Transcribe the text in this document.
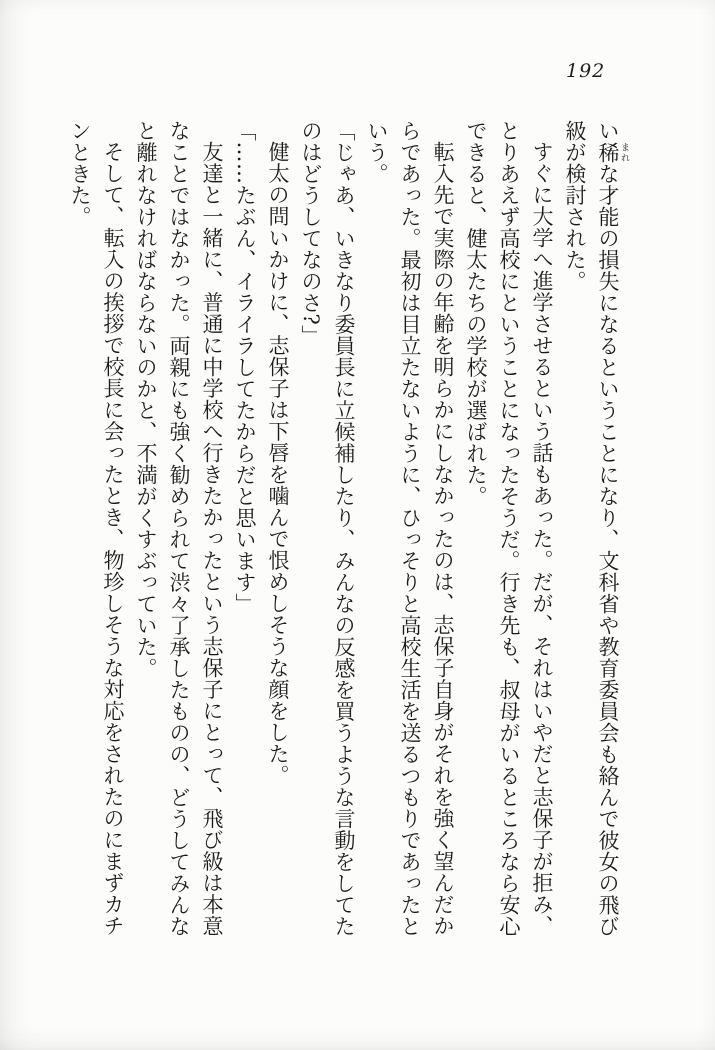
192

い稀 まれな才能の損失になるということになり、文科省や教育委員会も絡んで彼女の飛び級が検討された。

すぐに大学へ進学させるという話もあった。だが、それはいやだと志保子が拒み、とりあえず高校にということになったそうだ。行き先も、叔母がいるところなら安心できると、健太たちの学校が選ばれた。

転入先で実際の年齢を明らかにしなかったのは、志保子自身がそれを強く望んだからであった。最初は目立たないように、ひっそりと高校生活を送るつもりであったという。

「じゃあ、いきなり委員長に立候補したり、みんなの反感を買うような言動をしてたのはどうしてなのさ?」

健太の問いかけに、志保子は下唇を噛んで恨めしそうな顔をした。

「……たぶん、イライラしてたからだと思います」

友達と一緒に、普通に中学校へ行きたかったという志保子にとって、飛び級は本意なことではなかった。両親にも強く勧められて渋々了承したものの、どうしてみんなと離れなければならないのかと、不満がくすぶっていた。

そして、転入の挨拶で校長に会ったとき、物珍しそうな対応をされたのにまずカチンときた。
